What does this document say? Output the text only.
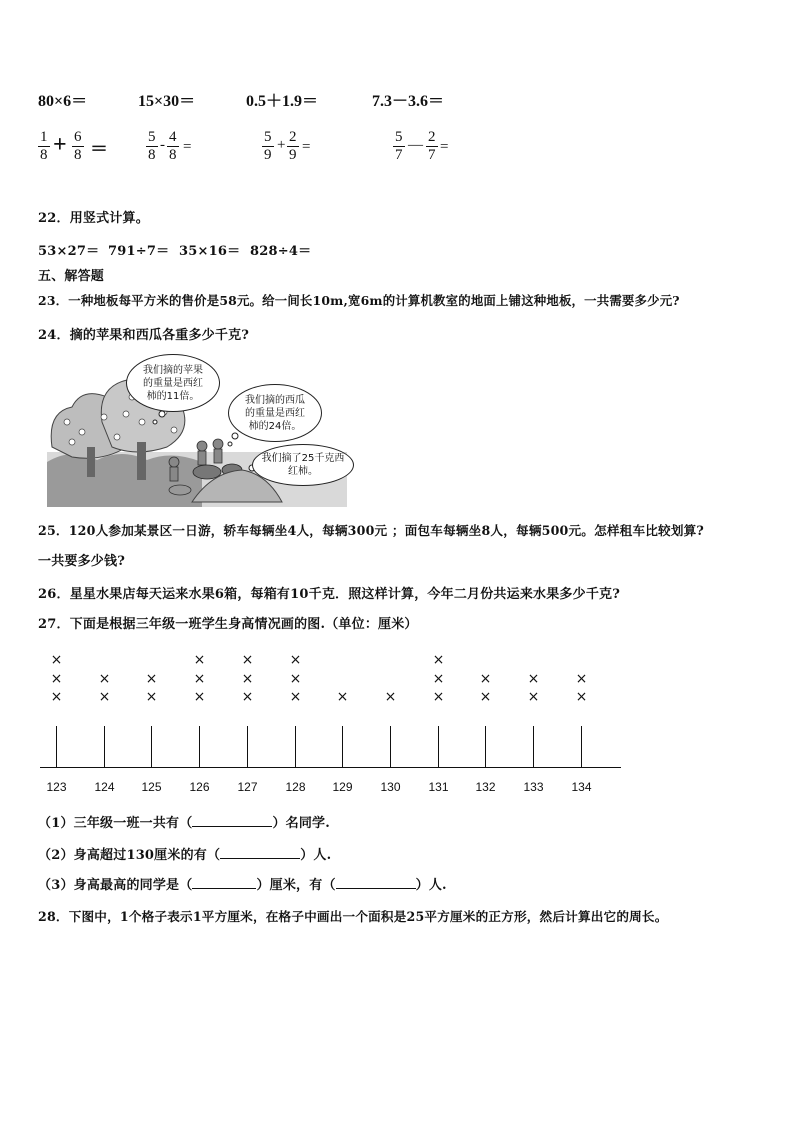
80×6＝	15×30＝	0.5＋1.9＝	7.3－3.6＝
1
8 + 6
8 ＝
5
8
- 4
8 =
5
9
+ 2
9 =
5
7
— 2
7 =
22．用竖式计算。
53×27＝ 791÷7＝ 35×16＝ 828÷4＝
五、解答题
23．一种地板每平方米的售价是58元。给一间长10m,宽6m的计算机教室的地面上铺这种地板，一共需要多少元?
24．摘的苹果和西瓜各重多少千克?
我们摘的苹果的重量是西红柿的11倍。	我们摘的西瓜的重量是西红柿的24倍。
我们摘了25千克西红柿。
25．120人参加某景区一日游，轿车每辆坐4人，每辆300元 ；面包车每辆坐8人，每辆500元。怎样租车比较划算?
一共要多少钱?
26．星星水果店每天运来水果6箱，每箱有10千克．照这样计算，今年二月份共运来水果多少千克?
27．下面是根据三年级一班学生身高情况画的图.（单位：厘米）
123
×
×
×
124
×
×
125
×
×
126
×
×
×
127
×
×
×
128
×
×
×
129
×
130
×
131
×
×
×
132
×
×
133
×
×
134
×
×
（1）三年级一班一共有（	）名同学.
（2）身高超过130厘米的有（	）人.
（3）身高最高的同学是（	）厘米，有（	）人.
28．下图中，1个格子表示1平方厘米，在格子中画出一个面积是25平方厘米的正方形，然后计算出它的周长。
